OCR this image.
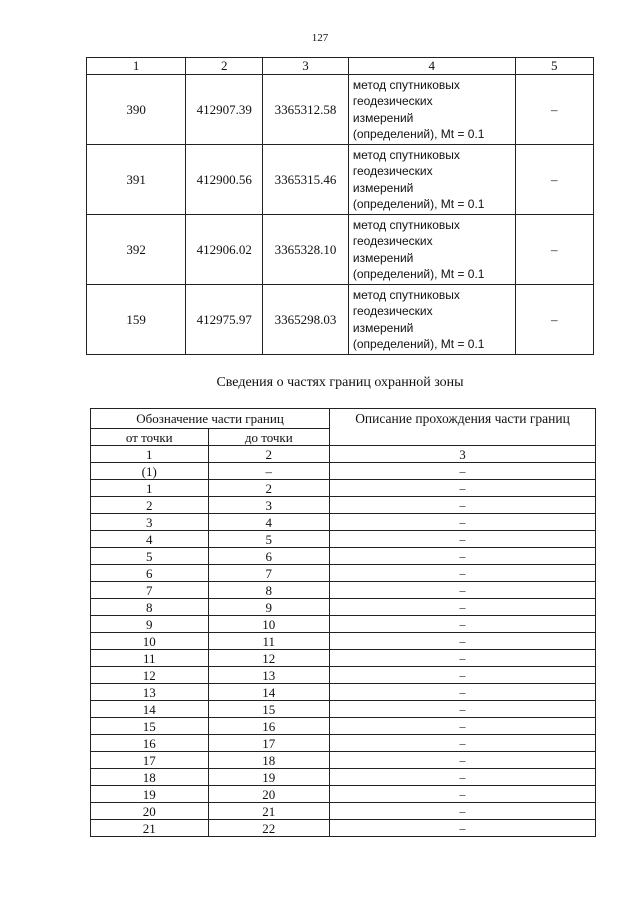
127
1	2	3	4	5
390	412907.39	3365312.58	метод спутниковых
геодезических
измерений
(определений), Mt = 0.1	–
391	412900.56	3365315.46	метод спутниковых
геодезических
измерений
(определений), Mt = 0.1	–
392	412906.02	3365328.10	метод спутниковых
геодезических
измерений
(определений), Mt = 0.1	–
159	412975.97	3365298.03	метод спутниковых
геодезических
измерений
(определений), Mt = 0.1	–
Сведения о частях границ охранной зоны
Обозначение части границ		Описание прохождения части границ
от точки	до точки	
1	2	3
(1)	–	–
1	2	–
2	3	–
3	4	–
4	5	–
5	6	–
6	7	–
7	8	–
8	9	–
9	10	–
10	11	–
11	12	–
12	13	–
13	14	–
14	15	–
15	16	–
16	17	–
17	18	–
18	19	–
19	20	–
20	21	–
21	22	–
